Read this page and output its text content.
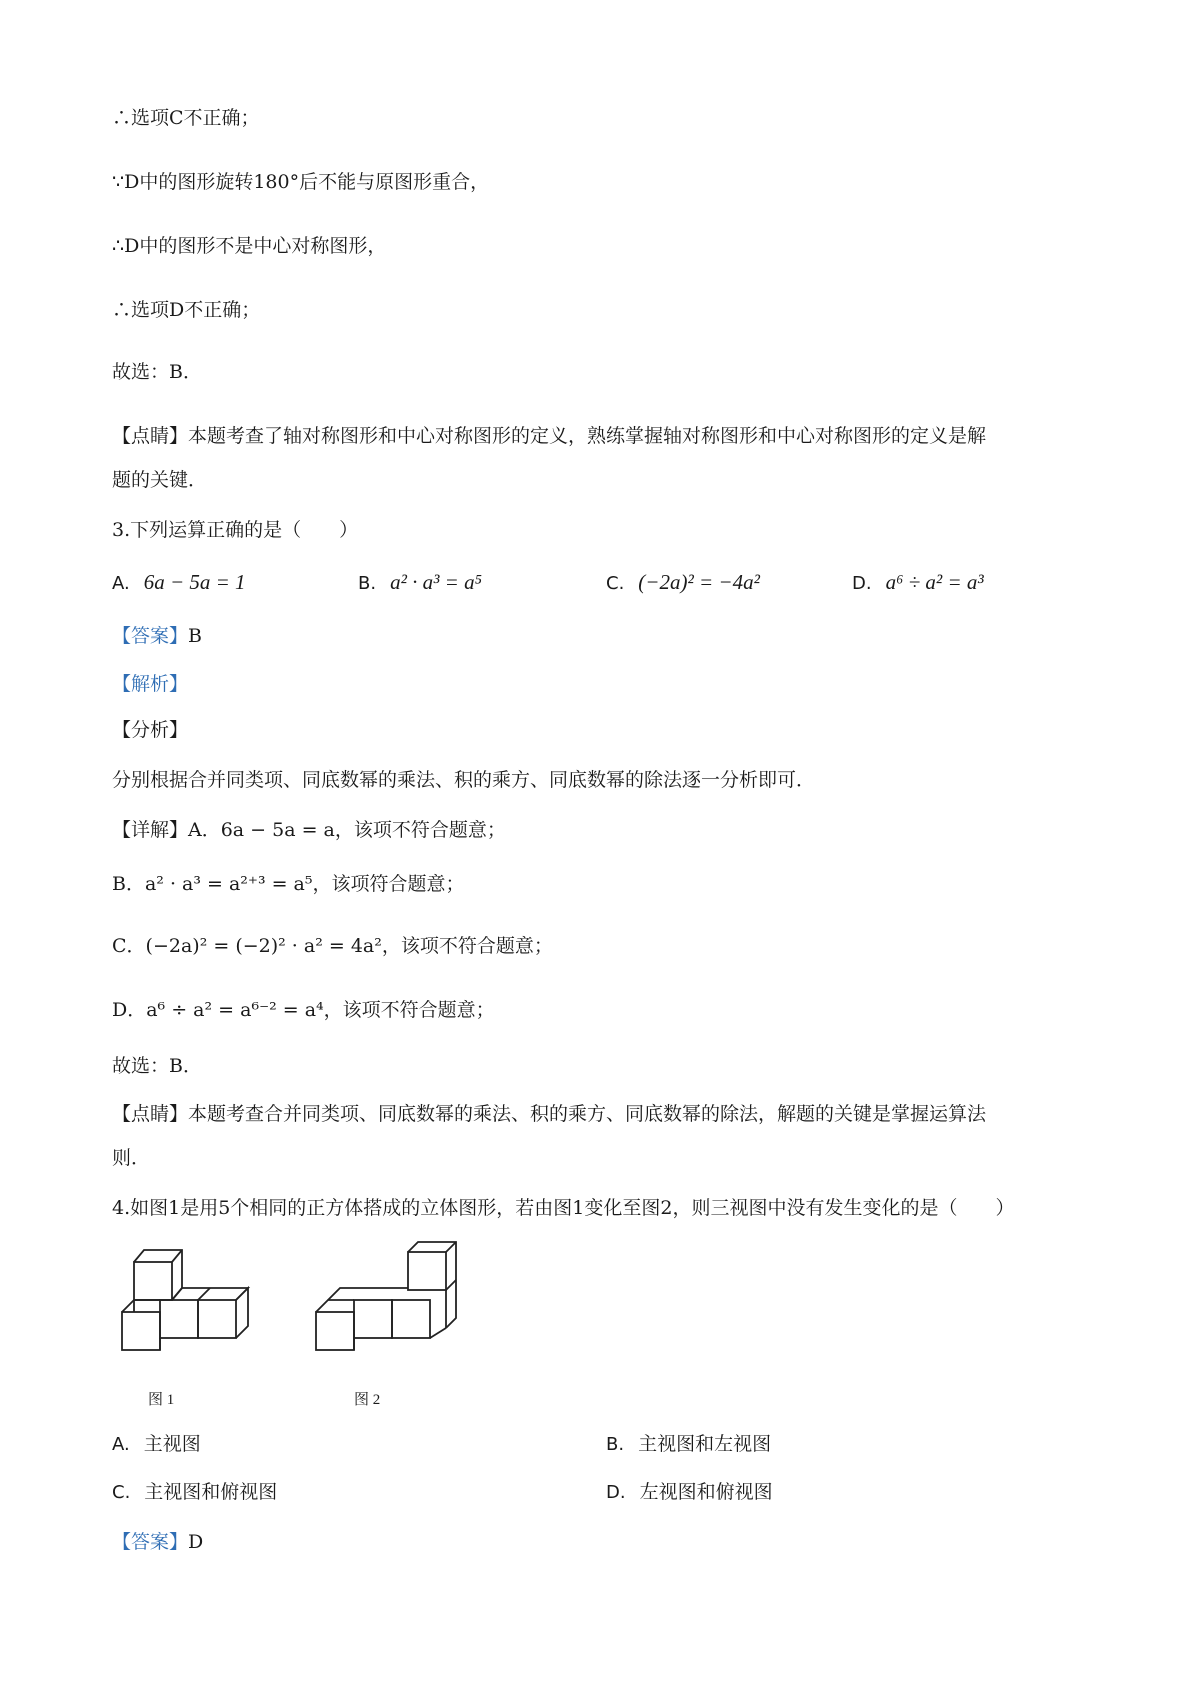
∴选项C不正确；
∵D中的图形旋转180°后不能与原图形重合，
∴D中的图形不是中心对称图形，
∴选项D不正确；
故选：B．
【点睛】本题考查了轴对称图形和中心对称图形的定义，熟练掌握轴对称图形和中心对称图形的定义是解
题的关键．
3.下列运算正确的是（　　）
A. 6a − 5a = 1	B. a² · a³ = a⁵	C. (−2a)² = −4a²	D. a⁶ ÷ a² = a³
【答案】B
【解析】
【分析】
分别根据合并同类项、同底数幂的乘法、积的乘方、同底数幂的除法逐一分析即可．
【详解】A．6a − 5a = a，该项不符合题意；
B．a² · a³ = a²⁺³ = a⁵，该项符合题意；
C．(−2a)² = (−2)² · a² = 4a²，该项不符合题意；
D．a⁶ ÷ a² = a⁶⁻² = a⁴，该项不符合题意；
故选：B．
【点睛】本题考查合并同类项、同底数幂的乘法、积的乘方、同底数幂的除法，解题的关键是掌握运算法
则．
4.如图1是用5个相同的正方体搭成的立体图形，若由图1变化至图2，则三视图中没有发生变化的是（　　）
图 1	图 2
A. 主视图	B. 主视图和左视图
C. 主视图和俯视图	D. 左视图和俯视图
【答案】D
